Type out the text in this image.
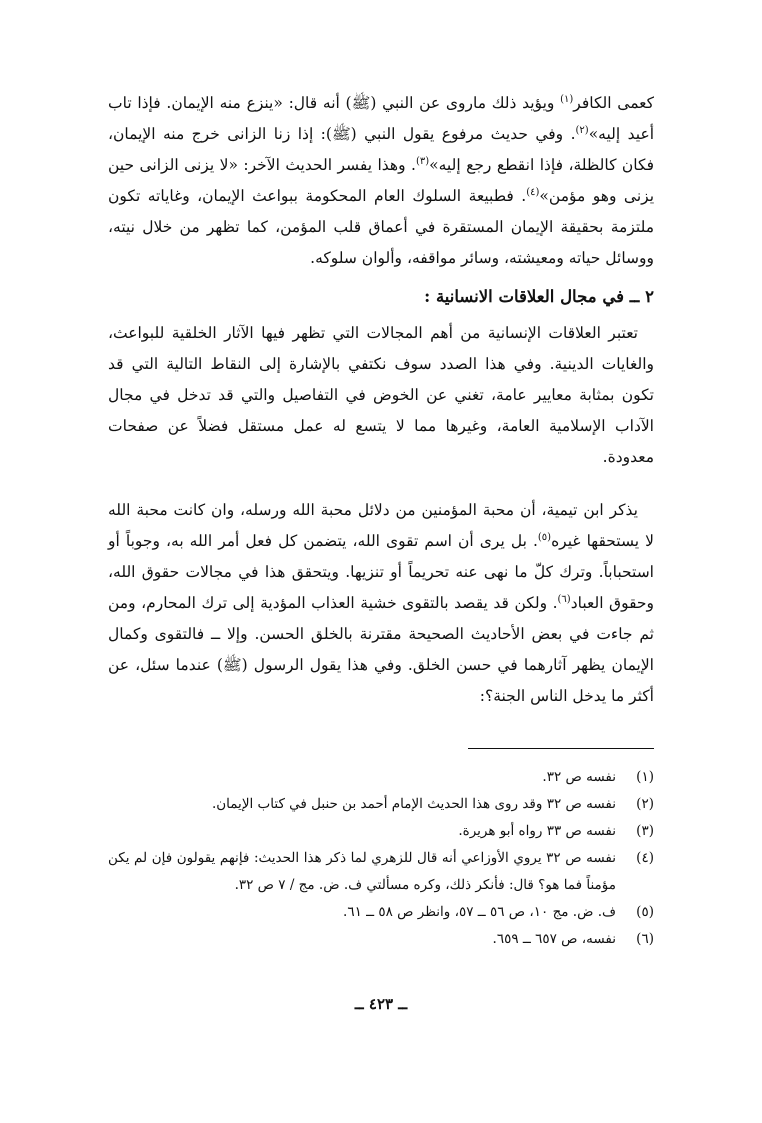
كعمى الكافر$^{(١)}$ ويؤيد ذلك ماروى عن النبي (ﷺ) أنه قال: «ينزع منه الإيمان. فإذا تاب أعيد إليه»$^{(٢)}$. وفي حديث مرفوع يقول النبي (ﷺ): إذا زنا الزانى خرج منه الإيمان، فكان كالظلة، فإذا انقطع رجع إليه»$^{(٣)}$. وهذا يفسر الحديث الآخر: «لا يزنى الزانى حين يزنى وهو مؤمن»$^{(٤)}$. فطبيعة السلوك العام المحكومة ببواعث الإيمان، وغاياته تكون ملتزمة بحقيقة الإيمان المستقرة في أعماق قلب المؤمن، كما تظهر من خلال نيته، ووسائل حياته ومعيشته، وسائر مواقفه، وألوان سلوكه.

٢ ــ في مجال العلاقات الانسانية :

تعتبر العلاقات الإنسانية من أهم المجالات التي تظهر فيها الآثار الخلقية للبواعث، والغايات الدينية. وفي هذا الصدد سوف نكتفي بالإشارة إلى النقاط التالية التي قد تكون بمثابة معايير عامة، تغني عن الخوض في التفاصيل والتي قد تدخل في مجال الآداب الإسلامية العامة، وغيرها مما لا يتسع له عمل مستقل فضلاً عن صفحات معدودة.

يذكر ابن تيمية، أن محبة المؤمنين من دلائل محبة الله ورسله، وان كانت محبة الله لا يستحقها غيره$^{(٥)}$. بل يرى أن اسم تقوى الله، يتضمن كل فعل أمر الله به، وجوباً أو استحباباً. وترك كلّ ما نهى عنه تحريماً أو تنزيها. ويتحقق هذا في مجالات حقوق الله، وحقوق العباد$^{(٦)}$. ولكن قد يقصد بالتقوى خشية العذاب المؤدية إلى ترك المحارم، ومن ثم جاءت في بعض الأحاديث الصحيحة مقترنة بالخلق الحسن. وإلا ــ فالتقوى وكمال الإيمان يظهر آثارهما في حسن الخلق. وفي هذا يقول الرسول (ﷺ) عندما سئل، عن أكثر ما يدخل الناس الجنة؟:

(١)
نفسه ص ٣٢.
(٢)
نفسه ص ٣٢ وقد روى هذا الحديث الإمام أحمد بن حنبل في كتاب الإيمان.
(٣)
نفسه ص ٣٣ رواه أبو هريرة.
(٤)
نفسه ص ٣٢ يروي الأوزاعي أنه قال للزهري لما ذكر هذا الحديث: فإنهم يقولون فإن لم يكن مؤمناً فما هو؟ قال: فأنكر ذلك، وكره مسألتي ف. ض. مج / ٧ ص ٣٢.
(٥)
ف. ض. مج ١٠، ص ٥٦ ــ ٥٧، وانظر ص ٥٨ ــ ٦١.
(٦)
نفسه، ص ٦٥٧ ــ ٦٥٩.
ــ ٤٢٣ ــ
